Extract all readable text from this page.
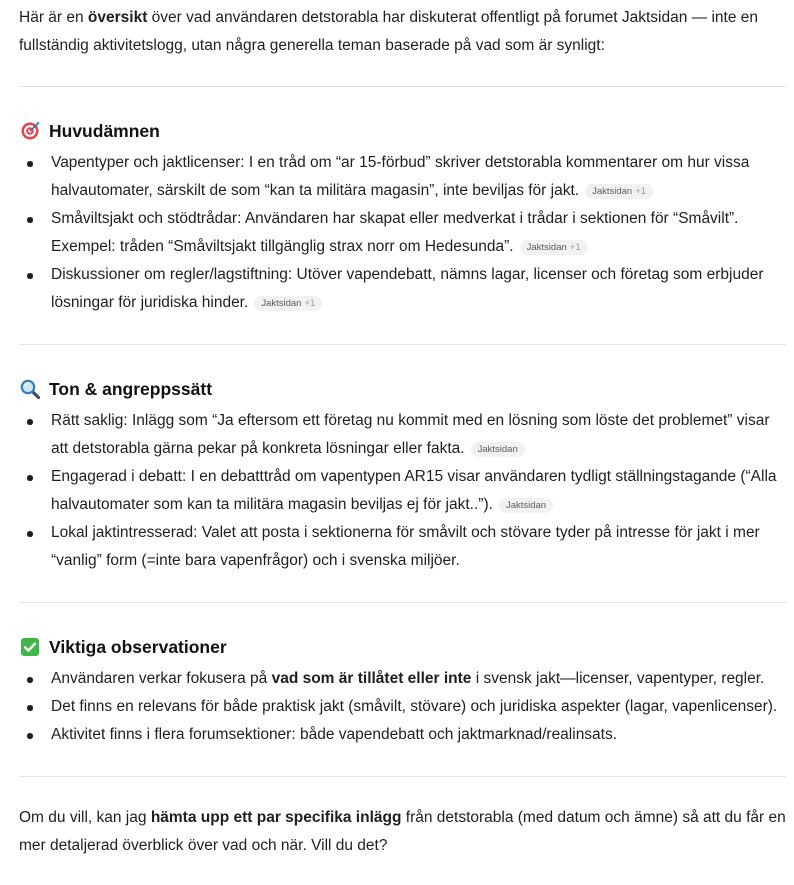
Här är en översikt över vad användaren detstorabla har diskuterat offentligt på forumet Jaktsidan — inte en fullständig aktivitetslogg, utan några generella teman baserade på vad som är synligt:

Huvudämnen
Vapentyper och jaktlicenser: I en tråd om “ar 15-förbud” skriver detstorabla kommentarer om hur vissa halvautomater, särskilt de som “kan ta militära magasin”, inte beviljas för jakt. Jaktsidan +1
Småviltsjakt och stödtrådar: Användaren har skapat eller medverkat i trådar i sektionen för “Småvilt”. Exempel: tråden “Småviltsjakt tillgänglig strax norr om Hedesunda”. Jaktsidan +1
Diskussioner om regler/lagstiftning: Utöver vapendebatt, nämns lagar, licenser och företag som erbjuder lösningar för juridiska hinder. Jaktsidan +1
Ton & angreppssätt
Rätt saklig: Inlägg som “Ja eftersom ett företag nu kommit med en lösning som löste det problemet” visar att detstorabla gärna pekar på konkreta lösningar eller fakta. Jaktsidan
Engagerad i debatt: I en debatttråd om vapentypen AR15 visar användaren tydligt ställningstagande (“Alla halvautomater som kan ta militära magasin beviljas ej för jakt..”). Jaktsidan
Lokal jaktintresserad: Valet att posta i sektionerna för småvilt och stövare tyder på intresse för jakt i mer “vanlig” form (=inte bara vapenfrågor) och i svenska miljöer.
Viktiga observationer
Användaren verkar fokusera på vad som är tillåtet eller inte i svensk jakt—licenser, vapentyper, regler.
Det finns en relevans för både praktisk jakt (småvilt, stövare) och juridiska aspekter (lagar, vapenlicenser).
Aktivitet finns i flera forumsektioner: både vapendebatt och jaktmarknad/realinsats.

Om du vill, kan jag hämta upp ett par specifika inlägg från detstorabla (med datum och ämne) så att du får en mer detaljerad överblick över vad och när. Vill du det?
